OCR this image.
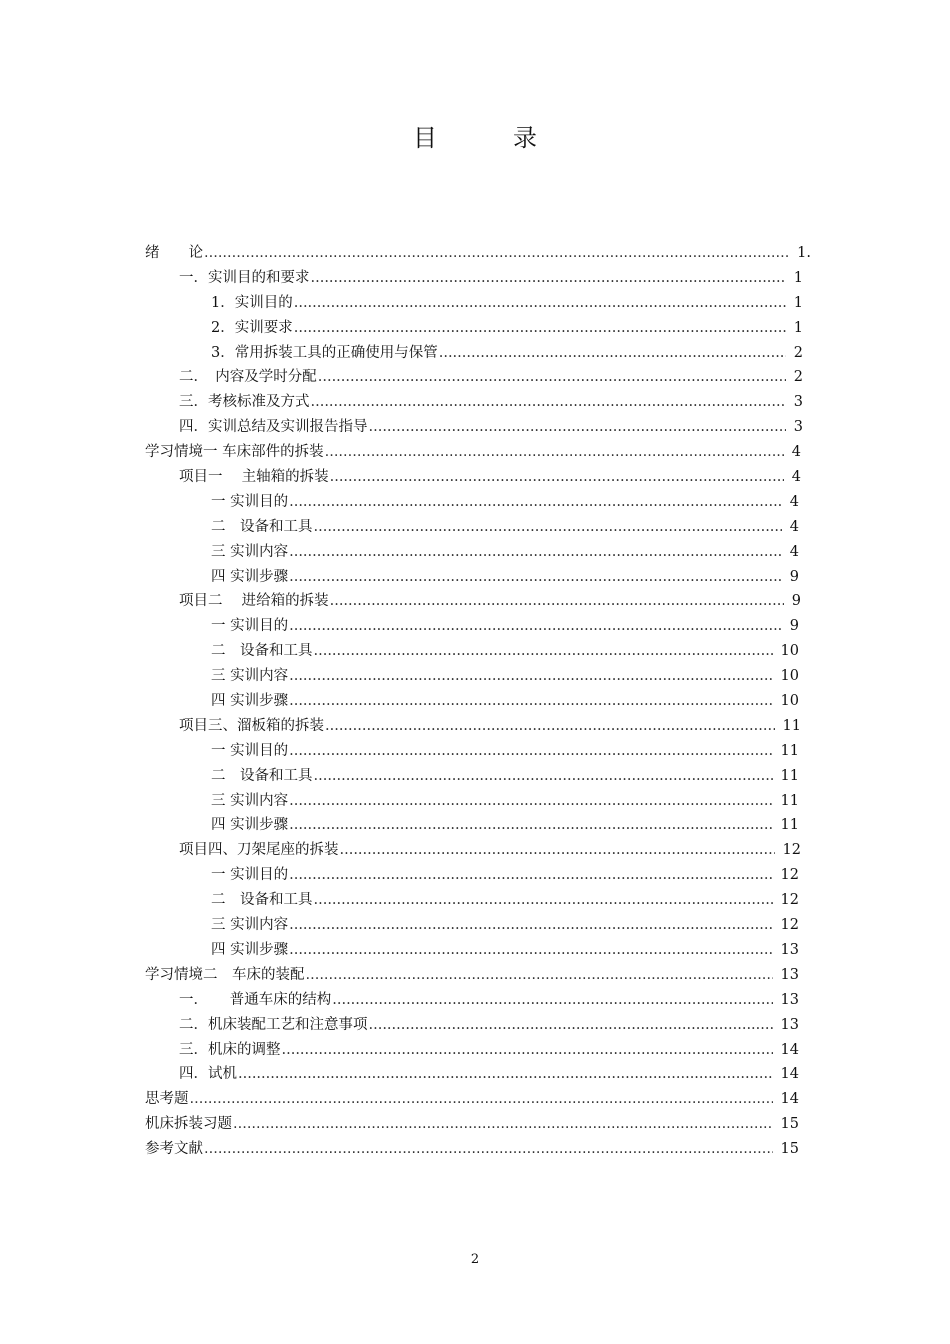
目　录
绪　　论 .....	1.
一．实训目的和要求 .....	1
1．实训目的 .....	1
2．实训要求 .....	1
3．常用拆装工具的正确使用与保管 .....	2
二．　内容及学时分配 .....	2
三．考核标准及方式 .....	3
四．实训总结及实训报告指导 .....	3
学习情境一 车床部件的拆装 .....	4
项目一　 主轴箱的拆装 .....	4
一 实训目的 .....	4
二　设备和工具 .....	4
三 实训内容 .....	4
四 实训步骤 .....	9
项目二　 进给箱的拆装 .....	9
一 实训目的 .....	9
二　设备和工具 .....	10
三 实训内容 .....	10
四 实训步骤 .....	10
项目三、溜板箱的拆装 .....	11
一 实训目的 .....	11
二　设备和工具 .....	11
三 实训内容 .....	11
四 实训步骤 .....	11
项目四、刀架尾座的拆装 .....	12
一 实训目的 .....	12
二　设备和工具 .....	12
三 实训内容 .....	12
四 实训步骤 .....	13
学习情境二　车床的装配 .....	13
一．　　普通车床的结构 .....	13
二．机床装配工艺和注意事项 .....	13
三．机床的调整 .....	14
四．试机 .....	14
思考题 .....	14
机床拆装习题 .....	15
参考文献 .....	15
2
